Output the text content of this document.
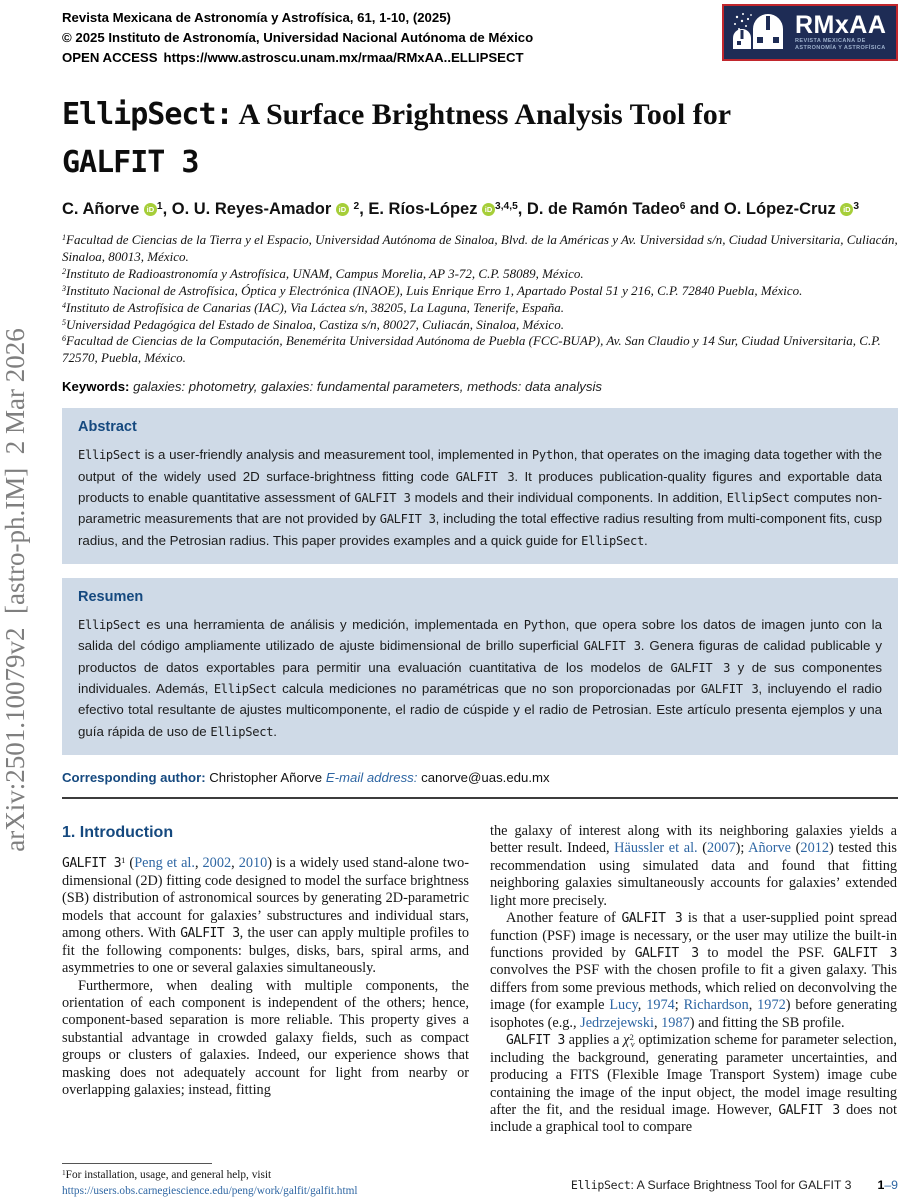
arXiv:2501.10079v2  [astro-ph.IM]  2 Mar 2026
Revista Mexicana de Astronomía y Astrofísica, 61, 1-10, (2025)
© 2025 Instituto de Astronomía, Universidad Nacional Autónoma de México
OPEN ACCESS https://www.astroscu.unam.mx/rmaa/RMxAA..ELLIPSECT
RMxAA
REVISTA MEXICANA DE
ASTRONOMÍA Y ASTROFÍSICA
EllipSect: A Surface Brightness Analysis Tool for
GALFIT 3
C. Añorve iD $^1$, O. U. Reyes-Amador iD $^2$, E. Ríos-López iD $^{3,4,5}$, D. de Ramón Tadeo$^6$ and O. López-Cruz iD $^3$
$^1$Facultad de Ciencias de la Tierra y el Espacio, Universidad Autónoma de Sinaloa, Blvd. de la Américas y Av. Universidad s/n, Ciudad Universitaria, Culiacán, Sinaloa, 80013, México.
$^2$Instituto de Radioastronomía y Astrofísica, UNAM, Campus Morelia, AP 3-72, C.P. 58089, México.
$^3$Instituto Nacional de Astrofísica, Óptica y Electrónica (INAOE), Luis Enrique Erro 1, Apartado Postal 51 y 216, C.P. 72840 Puebla, México.
$^4$Instituto de Astrofísica de Canarias (IAC), Via Láctea s/n, 38205, La Laguna, Tenerife, España.
$^5$Universidad Pedagógica del Estado de Sinaloa, Castiza s/n, 80027, Culiacán, Sinaloa, México.
$^6$Facultad de Ciencias de la Computación, Benemérita Universidad Autónoma de Puebla (FCC-BUAP), Av. San Claudio y 14 Sur, Ciudad Universitaria, C.P. 72570, Puebla, México.
Keywords: galaxies: photometry, galaxies: fundamental parameters, methods: data analysis
Abstract
EllipSect is a user-friendly analysis and measurement tool, implemented in Python, that operates on the imaging data together with the output of the widely used 2D surface-brightness fitting code GALFIT 3. It produces publication-quality figures and exportable data products to enable quantitative assessment of GALFIT 3 models and their individual components. In addition, EllipSect computes non-parametric measurements that are not provided by GALFIT 3, including the total effective radius resulting from multi-component fits, cusp radius, and the Petrosian radius. This paper provides examples and a quick guide for EllipSect.
Resumen
EllipSect es una herramienta de análisis y medición, implementada en Python, que opera sobre los datos de imagen junto con la salida del código ampliamente utilizado de ajuste bidimensional de brillo superficial GALFIT 3. Genera figuras de calidad publicable y productos de datos exportables para permitir una evaluación cuantitativa de los modelos de GALFIT 3 y de sus componentes individuales. Además, EllipSect calcula mediciones no paramétricas que no son proporcionadas por GALFIT 3, incluyendo el radio efectivo total resultante de ajustes multicomponente, el radio de cúspide y el radio de Petrosian. Este artículo presenta ejemplos y una guía rápida de uso de EllipSect.
Corresponding author: Christopher Añorve E-mail address: canorve@uas.edu.mx
1. Introduction

GALFIT $3^1$ (Peng et al., 2002, 2010) is a widely used stand-alone two-dimensional (2D) fitting code designed to model the surface brightness (SB) distribution of astronomical sources by generating 2D-parametric models that account for galaxies’ substructures and individual stars, among others. With GALFIT 3, the user can apply multiple profiles to fit the following components: bulges, disks, bars, spiral arms, and asymmetries to one or several galaxies simultaneously.

Furthermore, when dealing with multiple components, the orientation of each component is independent of the others; hence, component-based separation is more reliable. This property gives a substantial advantage in crowded galaxy fields, such as compact groups or clusters of galaxies. Indeed, our experience shows that masking does not adequately account for light from nearby or overlapping galaxies; instead, fitting

$^1$For installation, usage, and general help, visit https://users.obs.carnegiescience.edu/peng/work/galfit/galfit.html

the galaxy of interest along with its neighboring galaxies yields a better result. Indeed, Häussler et al. (2007); Añorve (2012) tested this recommendation using simulated data and found that fitting neighboring galaxies simultaneously accounts for galaxies’ extended light more precisely.

Another feature of GALFIT 3 is that a user-supplied point spread function (PSF) image is necessary, or the user may utilize the built-in functions provided by GALFIT 3 to model the PSF. GALFIT 3 convolves the PSF with the chosen profile to fit a given galaxy. This differs from some previous methods, which relied on deconvolving the image (for example Lucy, 1974; Richardson, 1972) before generating isophotes (e.g., Jedrzejewski, 1987) and fitting the SB profile.

GALFIT 3 applies a $\chi^2_\nu$ optimization scheme for parameter selection, including the background, generating parameter uncertainties, and producing a FITS (Flexible Image Transport System) image cube containing the image of the input object, the model image resulting after the fit, and the residual image. However, GALFIT 3 does not include a graphical tool to compare

EllipSect: A Surface Brightness Tool for GALFIT 3 1–9
